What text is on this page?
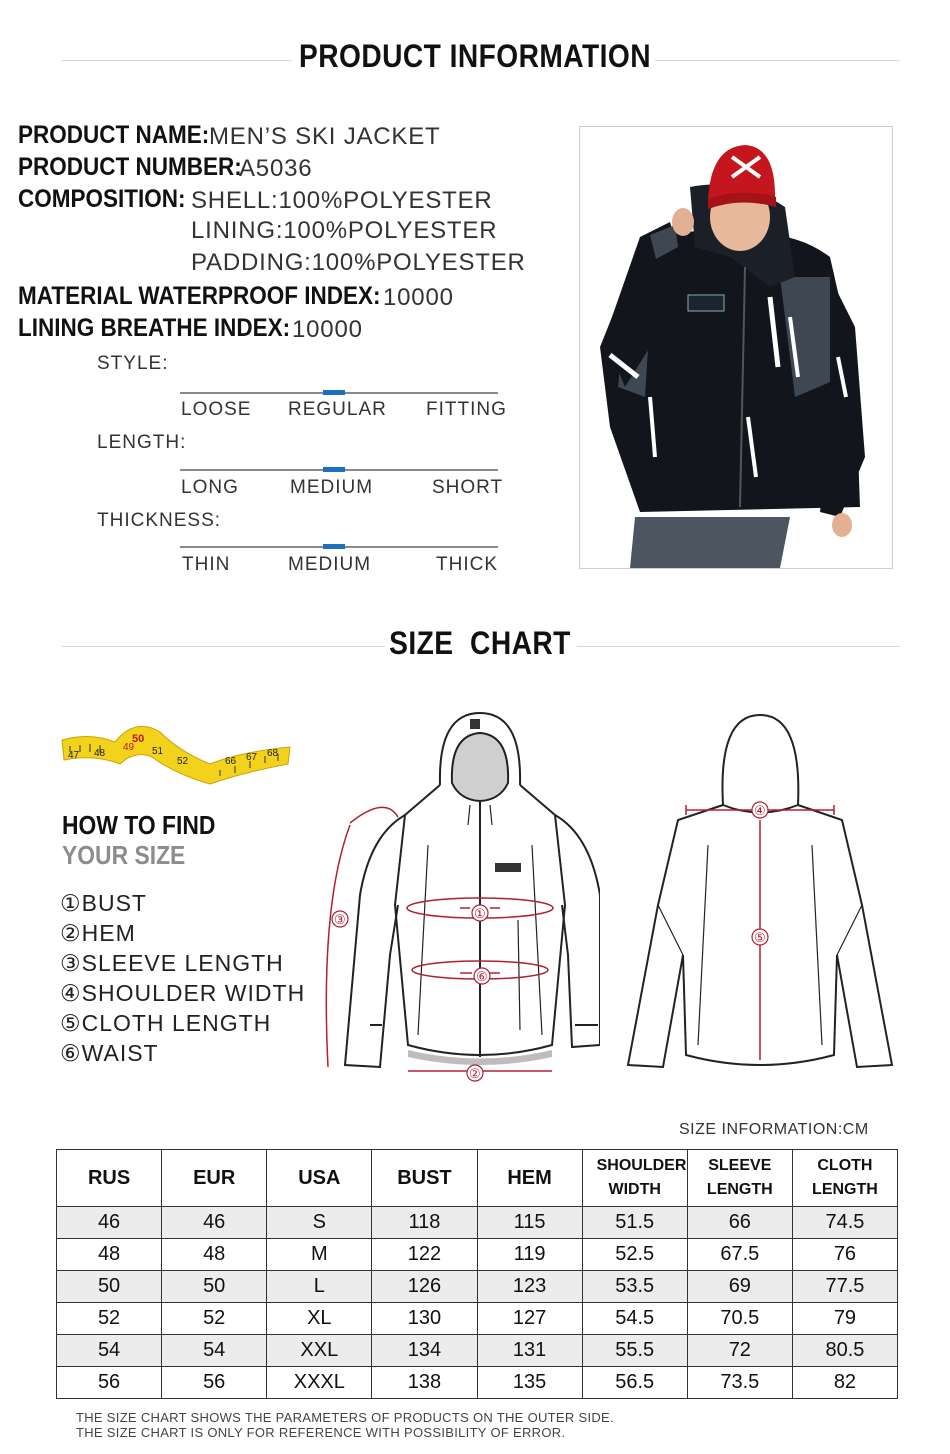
PRODUCT INFORMATION
PRODUCT NAME: MEN’S SKI JACKET
PRODUCT NUMBER:
A5036
COMPOSITION: SHELL:100%POLYESTER
LINING:100%POLYESTER
PADDING:100%POLYESTER
MATERIAL WATERPROOF INDEX: 10000
LINING BREATHE INDEX: 10000
STYLE:
LOOSE REGULAR FITTING
LENGTH:
LONG	MEDIUM	SHORT
THICKNESS:
THIN	MEDIUM	THICK
SIZE  CHART
47 48
49
50
51
52	66 67 68
HOW TO FIND
YOUR SIZE
①BUST
②HEM
③SLEEVE LENGTH
④SHOULDER WIDTH
⑤CLOTH LENGTH
⑥WAIST
①
⑥
③
②
④
⑤
SIZE INFORMATION:CM
RUS	EUR	USA	BUST	HEM	SHOULDER WIDTH	SLEEVE LENGTH	CLOTH LENGTH
46	46	S	118	115	51.5	66	74.5
48	48	M	122	119	52.5	67.5	76
50	50	L	126	123	53.5	69	77.5
52	52	XL	130	127	54.5	70.5	79
54	54	XXL	134	131	55.5	72	80.5
56	56	XXXL	138	135	56.5	73.5	82
THE SIZE CHART SHOWS THE PARAMETERS OF PRODUCTS ON THE OUTER SIDE.
THE SIZE CHART IS ONLY FOR REFERENCE WITH POSSIBILITY OF ERROR.
